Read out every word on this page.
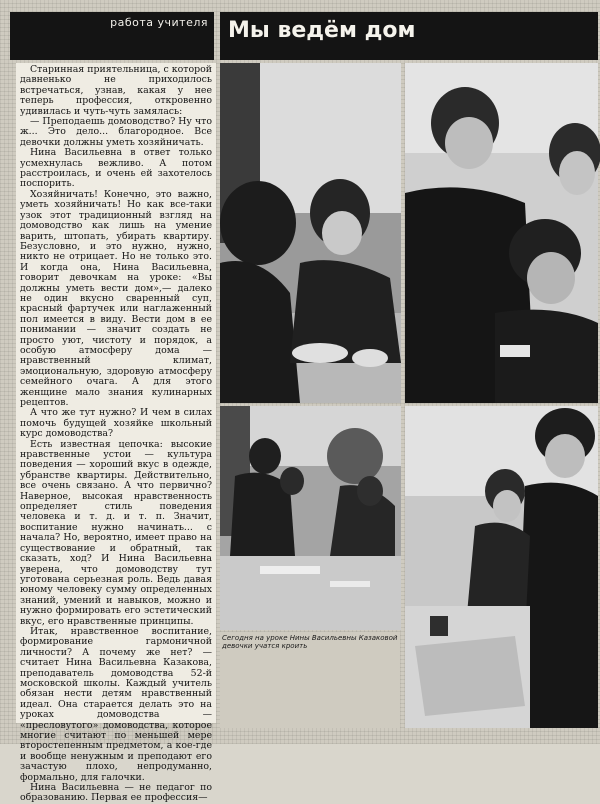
работа учителя Мы ведём дом

Старинная приятельница, с которой давненько не приходилось встречаться, узнав, какая у нее теперь профессия, откровенно удивилась и чуть-чуть замялась:

— Преподаешь домоводство? Ну что ж... Это дело... благородное. Все девочки должны уметь хозяйничать.

Нина Васильевна в ответ только усмехнулась вежливо. А потом расстроилась, и очень ей захотелось поспорить.

Хозяйничать! Конечно, это важно, уметь хозяйничать! Но как все-таки узок этот традиционный взгляд на домоводство как лишь на умение варить, штопать, убирать квартиру. Безусловно, и это нужно, нужно, никто не отрицает. Но не только это. И когда она, Нина Васильевна, говорит девочкам на уроке: «Вы должны уметь вести дом»,— далеко не один вкусно сваренный суп, красный фартучек или наглаженный пол имеется в виду. Вести дом в ее понимании — значит создать не просто уют, чистоту и порядок, а особую атмосферу дома — нравственный климат, эмоциональную, здоровую атмосферу семейного очага. А для этого женщине мало знания кулинарных рецептов.

А что же тут нужно? И чем в силах помочь будущей хозяйке школьный курс домоводства?

Есть известная цепочка: высокие нравственные устои — культура поведения — хороший вкус в одежде, убранстве квартиры. Действительно, все очень связано. А что первично? Наверное, высокая нравственность определяет стиль поведения человека и т. д. и т. п. Значит, воспитание нужно начинать... с начала? Но, вероятно, имеет право на существование и обратный, так сказать, ход? И Нина Васильевна уверена, что домоводству тут уготована серьезная роль. Ведь давая юному человеку сумму определенных знаний, умений и навыков, можно и нужно формировать его эстетический вкус, его нравственные принципы.

Итак, нравственное воспитание, формирование гармоничной личности? А почему же нет? — считает Нина Васильевна Казакова, преподаватель домоводства 52-й московской школы. Каждый учитель обязан нести детям нравственный идеал. Она старается делать это на уроках домоводства — «пресловутого» домоводства, которое многие считают по меньшей мере второстепенным предметом, а кое-где и вообще ненужным и преподают его зачастую плохо, непродуманно, формально, для галочки.

Нина Васильевна — не педагог по образованию. Первая ее профессия—

Сегодня на уроке Нины Васильевны Казаковой девочки учатся кроить
